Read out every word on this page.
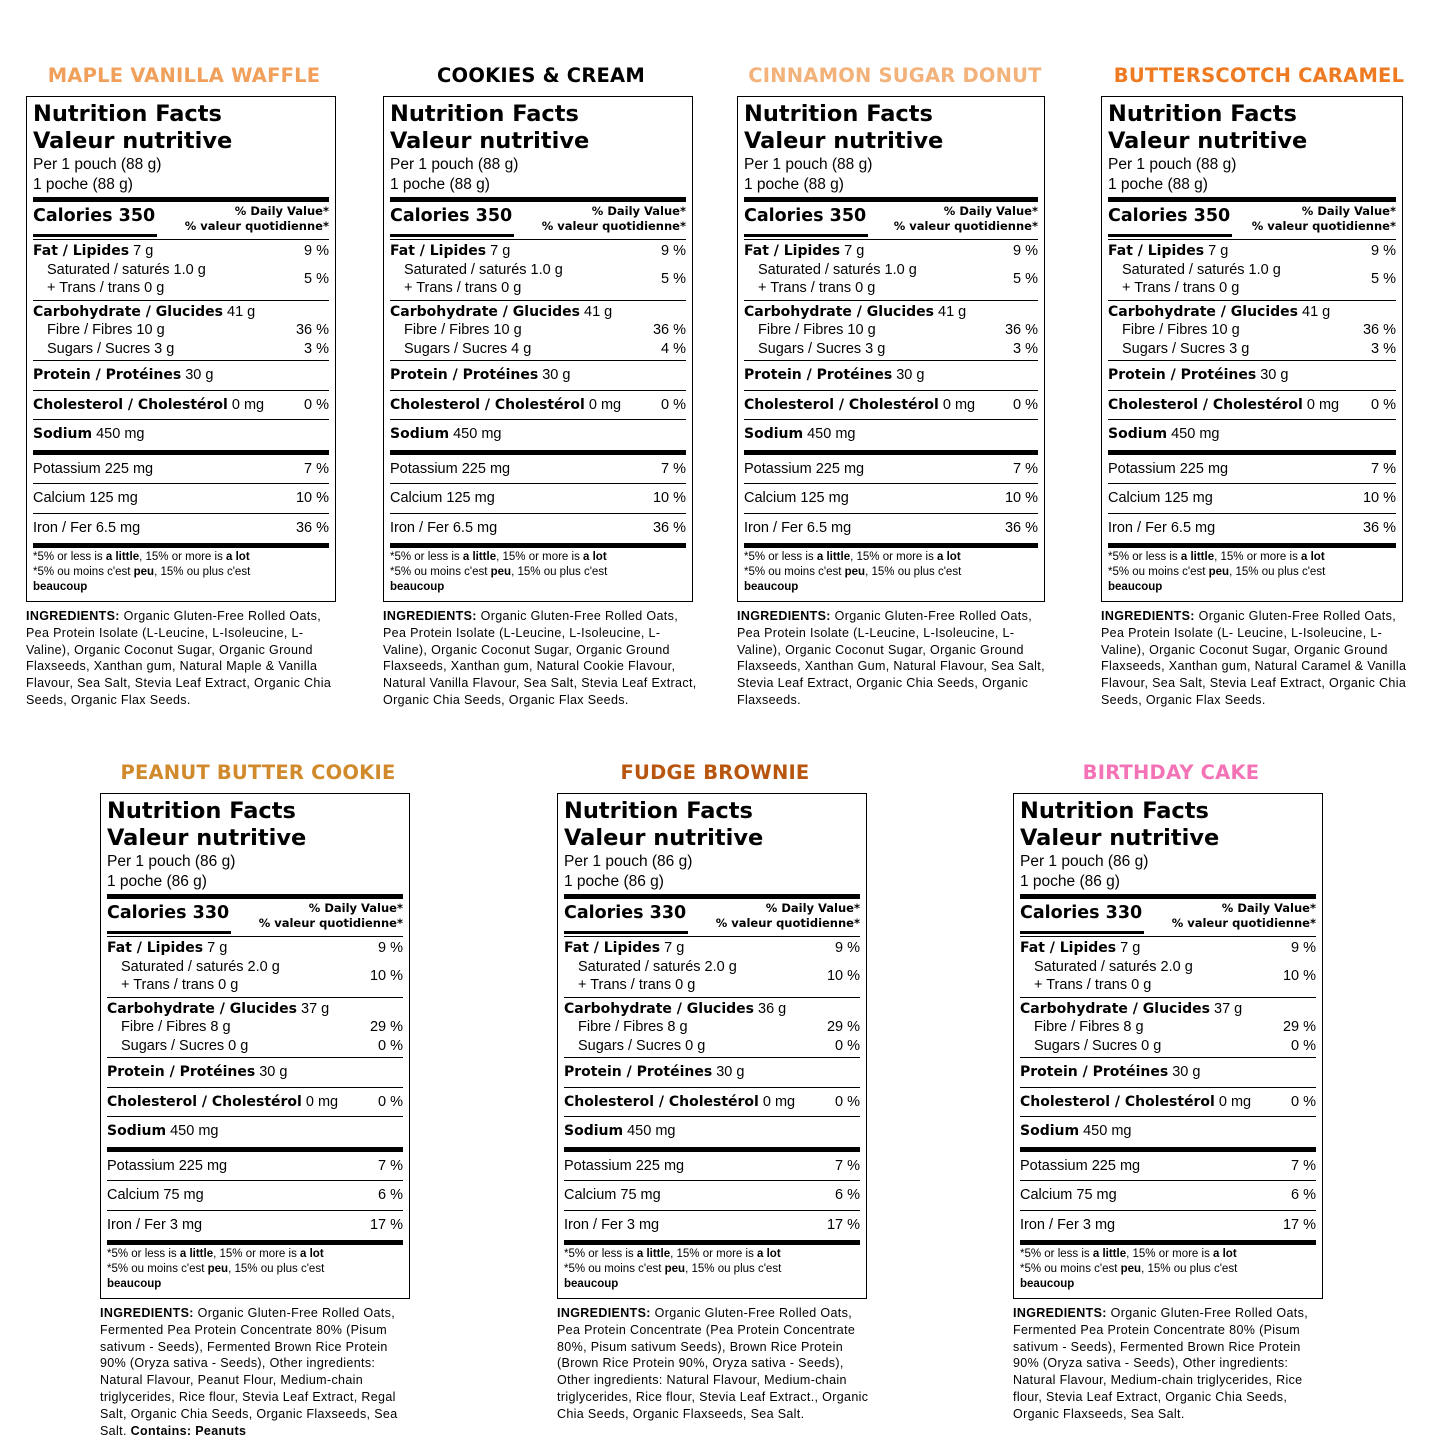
MAPLE VANILLA WAFFLE
Nutrition Facts
Valeur nutritive
Per 1 pouch (88 g)
1 poche (88 g)
Calories 350	% Daily Value*
% valeur quotidienne*
Fat / Lipides 7 g	9 %
Saturated / saturés 1.0 g
+ Trans / trans 0 g
5 %
Carbohydrate / Glucides 41 g
Fibre / Fibres 10 g	36 %
Sugars / Sucres 3 g	3 %
Protein / Protéines 30 g
Cholesterol / Cholestérol 0 mg	0 %
Sodium 450 mg
Potassium 225 mg	7 %
Calcium 125 mg	10 %
Iron / Fer 6.5 mg	36 %
*5% or less is a little, 15% or more is a lot
*5% ou moins c'est peu, 15% ou plus c'est
beaucoup
INGREDIENTS: Organic Gluten-Free Rolled Oats, Pea Protein Isolate (L-Leucine, L-Isoleucine, L-Valine), Organic Coconut Sugar, Organic Ground Flaxseeds, Xanthan gum, Natural Maple & Vanilla Flavour, Sea Salt, Stevia Leaf Extract, Organic Chia Seeds, Organic Flax Seeds.
COOKIES & CREAM
Nutrition Facts
Valeur nutritive
Per 1 pouch (88 g)
1 poche (88 g)
Calories 350	% Daily Value*
% valeur quotidienne*
Fat / Lipides 7 g	9 %
Saturated / saturés 1.0 g
+ Trans / trans 0 g
5 %
Carbohydrate / Glucides 41 g
Fibre / Fibres 10 g	36 %
Sugars / Sucres 4 g	4 %
Protein / Protéines 30 g
Cholesterol / Cholestérol 0 mg	0 %
Sodium 450 mg
Potassium 225 mg	7 %
Calcium 125 mg	10 %
Iron / Fer 6.5 mg	36 %
*5% or less is a little, 15% or more is a lot
*5% ou moins c'est peu, 15% ou plus c'est
beaucoup
INGREDIENTS: Organic Gluten-Free Rolled Oats, Pea Protein Isolate (L-Leucine, L-Isoleucine, L-Valine), Organic Coconut Sugar, Organic Ground Flaxseeds, Xanthan gum, Natural Cookie Flavour, Natural Vanilla Flavour, Sea Salt, Stevia Leaf Extract, Organic Chia Seeds, Organic Flax Seeds.
CINNAMON SUGAR DONUT
Nutrition Facts
Valeur nutritive
Per 1 pouch (88 g)
1 poche (88 g)
Calories 350	% Daily Value*
% valeur quotidienne*
Fat / Lipides 7 g	9 %
Saturated / saturés 1.0 g
+ Trans / trans 0 g
5 %
Carbohydrate / Glucides 41 g
Fibre / Fibres 10 g	36 %
Sugars / Sucres 3 g	3 %
Protein / Protéines 30 g
Cholesterol / Cholestérol 0 mg	0 %
Sodium 450 mg
Potassium 225 mg	7 %
Calcium 125 mg	10 %
Iron / Fer 6.5 mg	36 %
*5% or less is a little, 15% or more is a lot
*5% ou moins c'est peu, 15% ou plus c'est
beaucoup
INGREDIENTS: Organic Gluten-Free Rolled Oats, Pea Protein Isolate (L-Leucine, L-Isoleucine, L-Valine), Organic Coconut Sugar, Organic Ground Flaxseeds, Xanthan Gum, Natural Flavour, Sea Salt, Stevia Leaf Extract, Organic Chia Seeds, Organic Flaxseeds.
BUTTERSCOTCH CARAMEL
Nutrition Facts
Valeur nutritive
Per 1 pouch (88 g)
1 poche (88 g)
Calories 350	% Daily Value*
% valeur quotidienne*
Fat / Lipides 7 g	9 %
Saturated / saturés 1.0 g
+ Trans / trans 0 g
5 %
Carbohydrate / Glucides 41 g
Fibre / Fibres 10 g	36 %
Sugars / Sucres 3 g	3 %
Protein / Protéines 30 g
Cholesterol / Cholestérol 0 mg 0 %
Sodium 450 mg
Potassium 225 mg	7 %
Calcium 125 mg	10 %
Iron / Fer 6.5 mg	36 %
*5% or less is a little, 15% or more is a lot
*5% ou moins c'est peu, 15% ou plus c'est
beaucoup
INGREDIENTS: Organic Gluten-Free Rolled Oats, Pea Protein Isolate (L- Leucine, L-Isoleucine, L-Valine), Organic Coconut Sugar, Organic Ground Flaxseeds, Xanthan gum, Natural Caramel & Vanilla Flavour, Sea Salt, Stevia Leaf Extract, Organic Chia Seeds, Organic Flax Seeds.
PEANUT BUTTER COOKIE
Nutrition Facts
Valeur nutritive
Per 1 pouch (86 g)
1 poche (86 g)
Calories 330	% Daily Value*
% valeur quotidienne*
Fat / Lipides 7 g	9 %
Saturated / saturés 2.0 g
+ Trans / trans 0 g
10 %
Carbohydrate / Glucides 37 g
Fibre / Fibres 8 g	29 %
Sugars / Sucres 0 g	0 %
Protein / Protéines 30 g
Cholesterol / Cholestérol 0 mg	0 %
Sodium 450 mg
Potassium 225 mg	7 %
Calcium 75 mg	6 %
Iron / Fer 3 mg	17 %
*5% or less is a little, 15% or more is a lot
*5% ou moins c'est peu, 15% ou plus c'est
beaucoup
INGREDIENTS: Organic Gluten-Free Rolled Oats, Fermented Pea Protein Concentrate 80% (Pisum sativum - Seeds), Fermented Brown Rice Protein 90% (Oryza sativa - Seeds), Other ingredients: Natural Flavour, Peanut Flour, Medium-chain triglycerides, Rice flour, Stevia Leaf Extract, Regal Salt, Organic Chia Seeds, Organic Flaxseeds, Sea Salt. Contains: Peanuts
FUDGE BROWNIE
Nutrition Facts
Valeur nutritive
Per 1 pouch (86 g)
1 poche (86 g)
Calories 330	% Daily Value*
% valeur quotidienne*
Fat / Lipides 7 g	9 %
Saturated / saturés 2.0 g
+ Trans / trans 0 g
10 %
Carbohydrate / Glucides 36 g
Fibre / Fibres 8 g	29 %
Sugars / Sucres 0 g	0 %
Protein / Protéines 30 g
Cholesterol / Cholestérol 0 mg	0 %
Sodium 450 mg
Potassium 225 mg	7 %
Calcium 75 mg	6 %
Iron / Fer 3 mg	17 %
*5% or less is a little, 15% or more is a lot
*5% ou moins c'est peu, 15% ou plus c'est
beaucoup
INGREDIENTS: Organic Gluten-Free Rolled Oats, Pea Protein Concentrate (Pea Protein Concentrate 80%, Pisum sativum Seeds), Brown Rice Protein (Brown Rice Protein 90%, Oryza sativa - Seeds), Other ingredients: Natural Flavour, Medium-chain triglycerides, Rice flour, Stevia Leaf Extract., Organic Chia Seeds, Organic Flaxseeds, Sea Salt.
BIRTHDAY CAKE
Nutrition Facts
Valeur nutritive
Per 1 pouch (86 g)
1 poche (86 g)
Calories 330	% Daily Value*
% valeur quotidienne*
Fat / Lipides 7 g	9 %
Saturated / saturés 2.0 g
+ Trans / trans 0 g
10 %
Carbohydrate / Glucides 37 g
Fibre / Fibres 8 g	29 %
Sugars / Sucres 0 g	0 %
Protein / Protéines 30 g
Cholesterol / Cholestérol 0 mg	0 %
Sodium 450 mg
Potassium 225 mg	7 %
Calcium 75 mg	6 %
Iron / Fer 3 mg	17 %
*5% or less is a little, 15% or more is a lot
*5% ou moins c'est peu, 15% ou plus c'est
beaucoup
INGREDIENTS: Organic Gluten-Free Rolled Oats, Fermented Pea Protein Concentrate 80% (Pisum sativum - Seeds), Fermented Brown Rice Protein 90% (Oryza sativa - Seeds), Other ingredients: Natural Flavour, Medium-chain triglycerides, Rice flour, Stevia Leaf Extract, Organic Chia Seeds, Organic Flaxseeds, Sea Salt.
